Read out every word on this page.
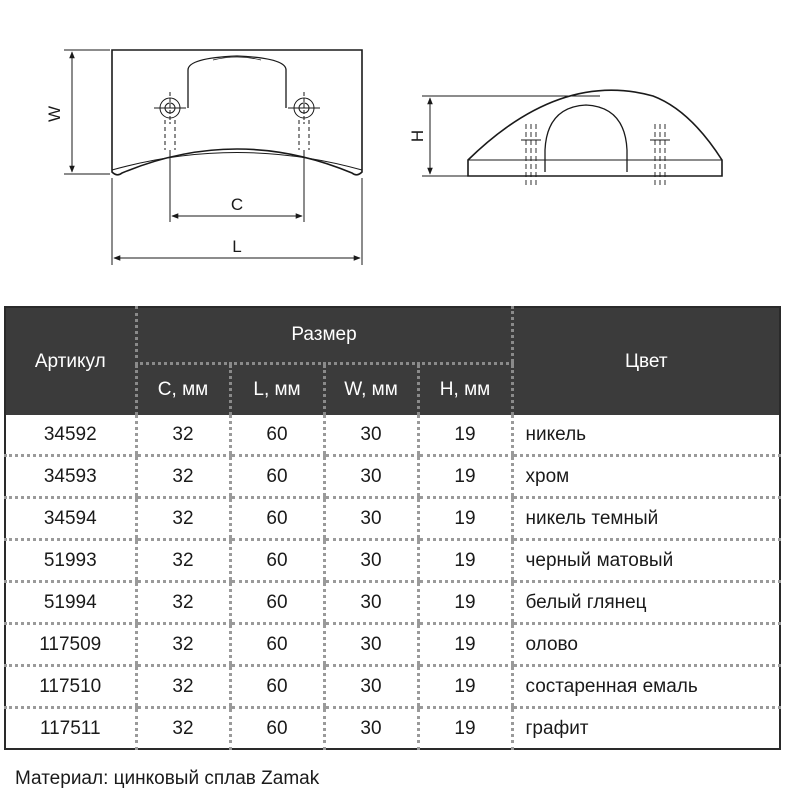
W
C
L
H
Артикул	Размер				Цвет
	C, мм	L, мм	W, мм	H, мм	
34592	32	60	30	19	никель
34593	32	60	30	19	хром
34594	32	60	30	19	никель темный
51993	32	60	30	19	черный матовый
51994	32	60	30	19	белый глянец
117509	32	60	30	19	олово
117510	32	60	30	19	состаренная емаль
117511	32	60	30	19	графит
Материал: цинковый сплав Zamak
